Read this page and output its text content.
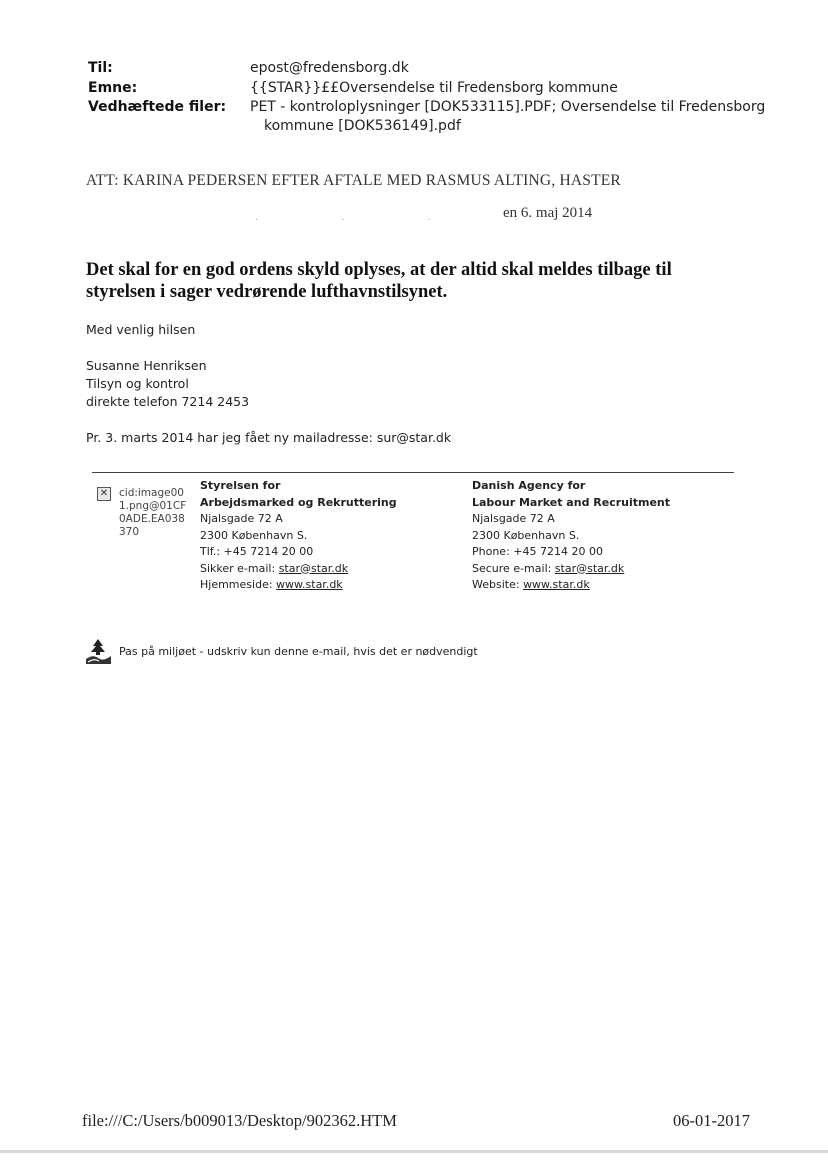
Til:	epost@fredensborg.dk
Emne:	{{STAR}}££Oversendelse til Fredensborg kommune
Vedhæftede filer: PET - kontroloplysninger [DOK533115].PDF; Oversendelse til Fredensborg
kommune [DOK536149].pdf
ATT: KARINA PEDERSEN EFTER AFTALE MED RASMUS ALTING, HASTER
· · · ·
en 6. maj 2014
Det skal for en god ordens skyld oplyses, at der altid skal meldes tilbage til styrelsen i sager vedrørende lufthavnstilsynet.
Med venlig hilsen
Susanne Henriksen
Tilsyn og kontrol
direkte telefon 7214 2453
Pr. 3. marts 2014 har jeg fået ny mailadresse: sur@star.dk
✕ cid:image001.png@01CF0ADE.EA038370
Styrelsen for
Arbejdsmarked og Rekruttering
Njalsgade 72 A
2300 København S.
Tlf.: +45 7214 20 00
Sikker e-mail: star@star.dk
Hjemmeside: www.star.dk
Danish Agency for
Labour Market and Recruitment
Njalsgade 72 A
2300 København S.
Phone: +45 7214 20 00
Secure e-mail: star@star.dk
Website: www.star.dk
Pas på miljøet - udskriv kun denne e-mail, hvis det er nødvendigt
file:///C:/Users/b009013/Desktop/902362.HTM	06-01-2017
